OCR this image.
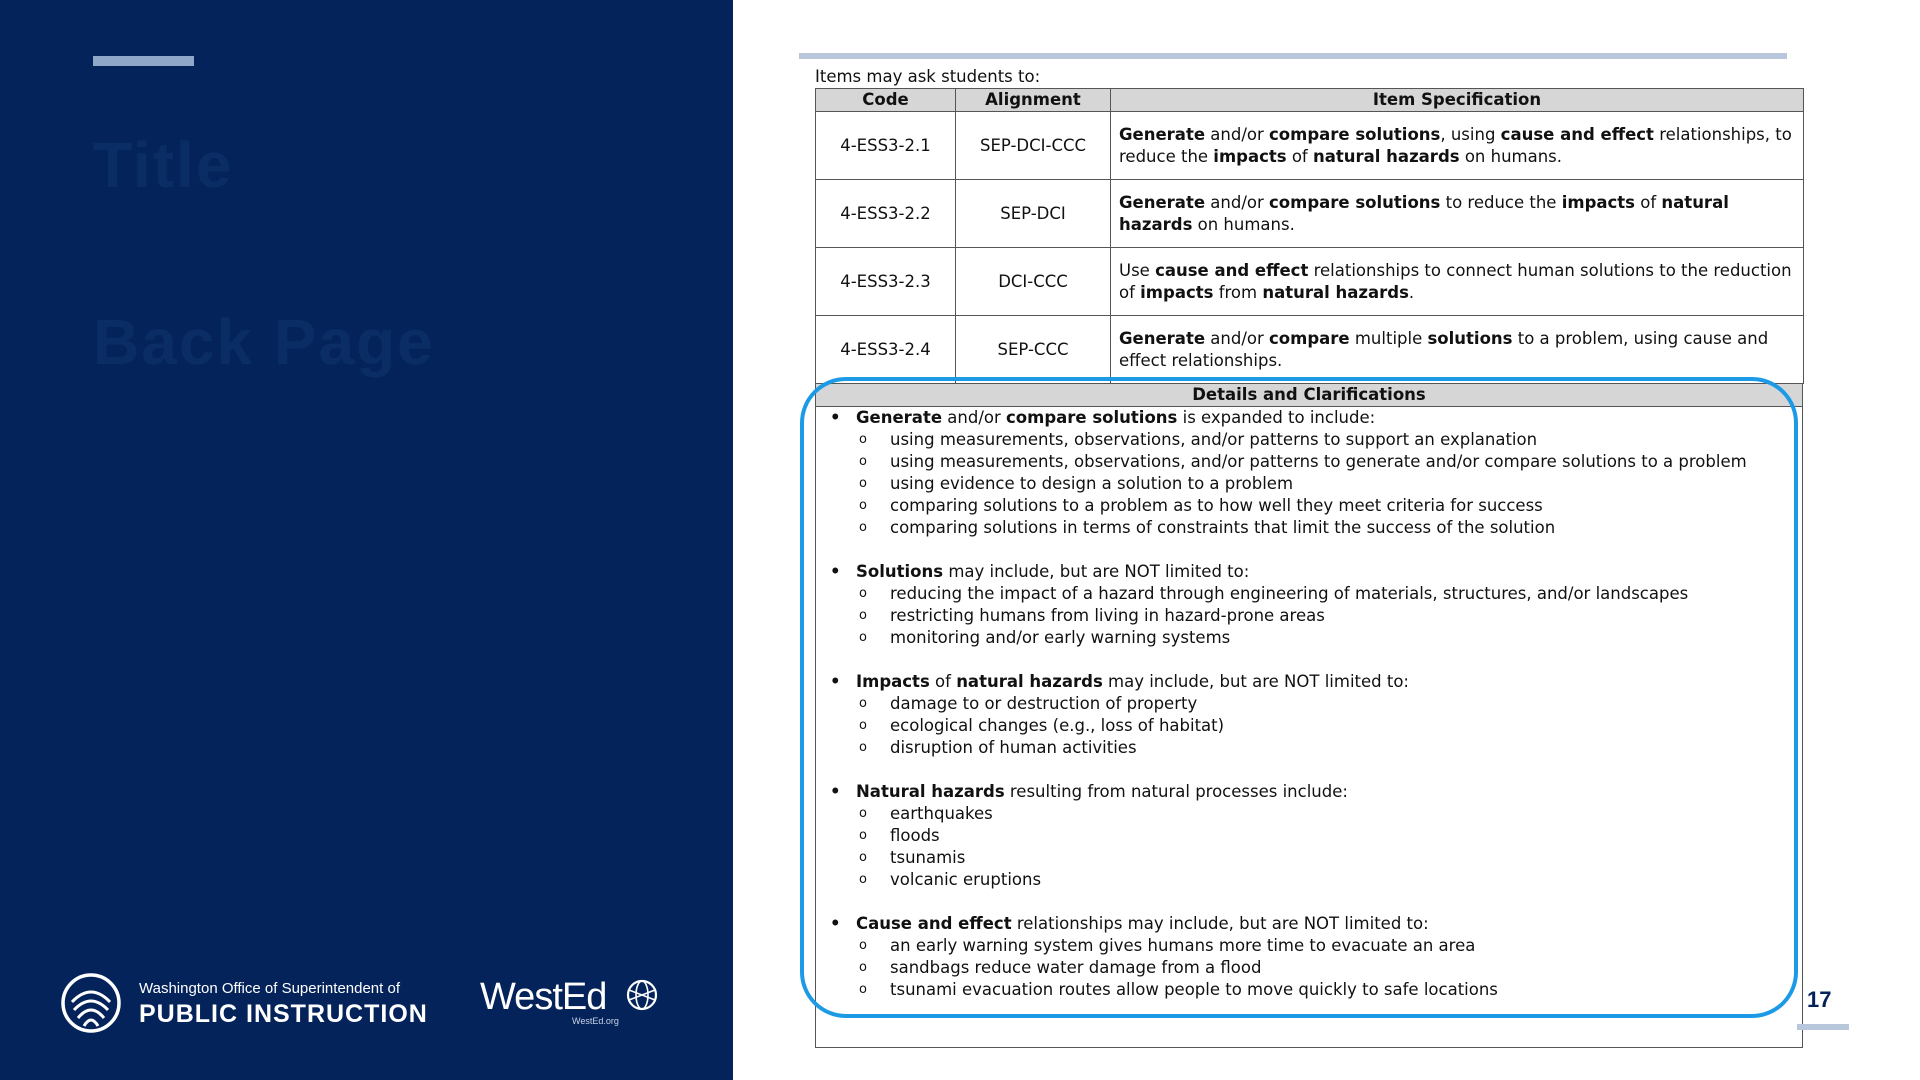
Title
Back Page
Washington Office of Superintendent of
PUBLIC INSTRUCTION WestEd
WestEd.org
Items may ask students to:
Code	Alignment	Item Specification
4-ESS3-2.1	SEP-DCI-CCC	Generate and/or compare solutions, using cause and effect relationships, to reduce the impacts of natural hazards on humans.
4-ESS3-2.2	SEP-DCI	Generate and/or compare solutions to reduce the impacts of natural hazards on humans.
4-ESS3-2.3	DCI-CCC	Use cause and effect relationships to connect human solutions to the reduction of impacts from natural hazards.
4-ESS3-2.4	SEP-CCC	Generate and/or compare multiple solutions to a problem, using cause and effect relationships.
Details and Clarifications
• Generate and/or compare solutions is expanded to include:
o using measurements, observations, and/or patterns to support an explanation
o using measurements, observations, and/or patterns to generate and/or compare solutions to a problem
o using evidence to design a solution to a problem
o comparing solutions to a problem as to how well they meet criteria for success
o comparing solutions in terms of constraints that limit the success of the solution
• Solutions may include, but are NOT limited to:
o reducing the impact of a hazard through engineering of materials, structures, and/or landscapes
o restricting humans from living in hazard-prone areas
o monitoring and/or early warning systems
• Impacts of natural hazards may include, but are NOT limited to:
o damage to or destruction of property
o ecological changes (e.g., loss of habitat)
o disruption of human activities
• Natural hazards resulting from natural processes include:
o earthquakes
o floods
o tsunamis
o volcanic eruptions
• Cause and effect relationships may include, but are NOT limited to:
o an early warning system gives humans more time to evacuate an area
o sandbags reduce water damage from a flood
o tsunami evacuation routes allow people to move quickly to safe locations	17
